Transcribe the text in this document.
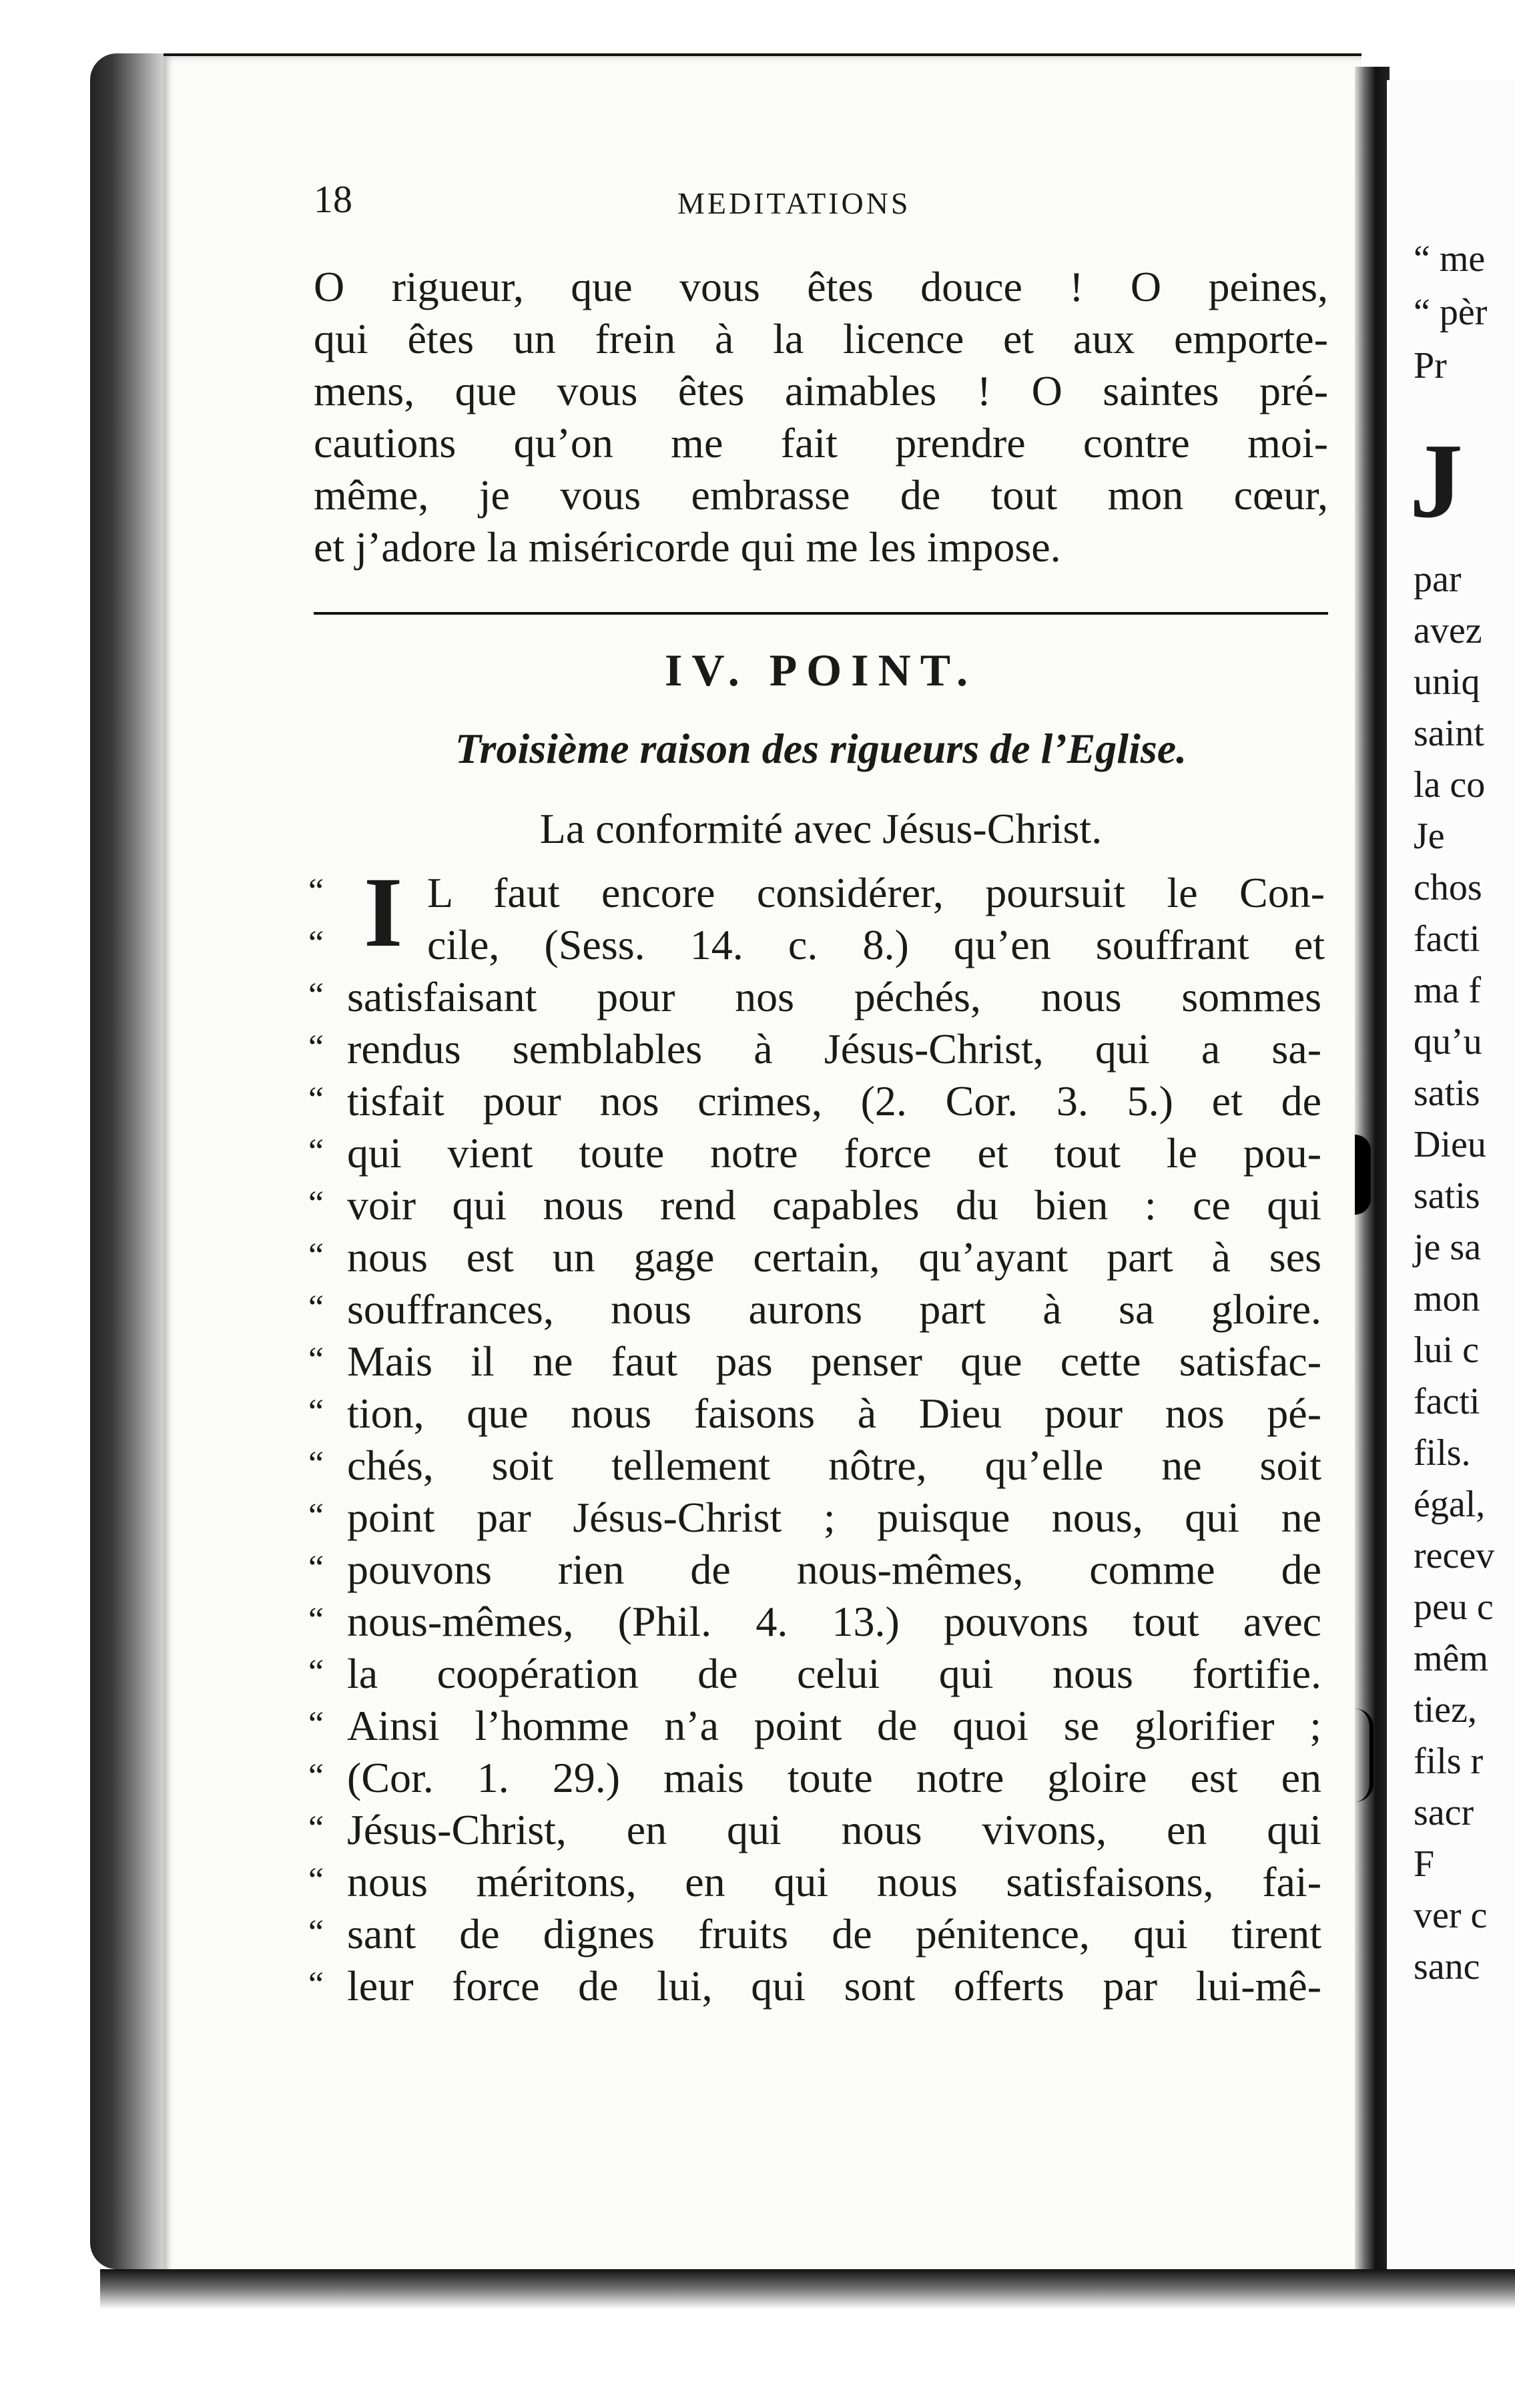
18	MEDITATIONS
O rigueur, que vous êtes douce ! O peines,
qui êtes un frein à la licence et aux emporte-
mens, que vous êtes aimables ! O saintes pré-
cautions qu’on me fait prendre contre moi-
même, je vous embrasse de tout mon cœur,
et j’adore la miséricorde qui me les impose.
IV. POINT.
Troisième raison des rigueurs de l’Eglise.
La conformité avec Jésus-Christ.
I
“
“
L faut encore considérer, poursuit le Con-
cile, (Sess. 14. c. 8.) qu’en souffrant et
J
“ satisfaisant pour nos péchés, nous sommes
“ rendus semblables à Jésus-Christ, qui a sa-
“ tisfait pour nos crimes, (2. Cor. 3. 5.) et de
“ qui vient toute notre force et tout le pou-
“ voir qui nous rend capables du bien : ce qui
“ nous est un gage certain, qu’ayant part à ses
“ souffrances, nous aurons part à sa gloire.
“ Mais il ne faut pas penser que cette satisfac-
“ tion, que nous faisons à Dieu pour nos pé-
“ chés, soit tellement nôtre, qu’elle ne soit
“ point par Jésus-Christ ; puisque nous, qui ne
“ pouvons rien de nous-mêmes, comme de
“ nous-mêmes, (Phil. 4. 13.) pouvons tout avec
“ la coopération de celui qui nous fortifie.
“ Ainsi l’homme n’a point de quoi se glorifier ;
“ (Cor. 1. 29.) mais toute notre gloire est en
“ Jésus-Christ, en qui nous vivons, en qui
“ nous méritons, en qui nous satisfaisons, fai-
“ sant de dignes fruits de pénitence, qui tirent
“ leur force de lui, qui sont offerts par lui-mê-
“ me
“ pèr
Pr
par
avez
uniq
saint
la co
Je
chos
facti
ma f
qu’u
satis
Dieu
satis
je sa
mon
lui c
facti
fils.
égal,
recev
peu c
mêm
tiez,
fils r
sacr
F
ver c
sanc
